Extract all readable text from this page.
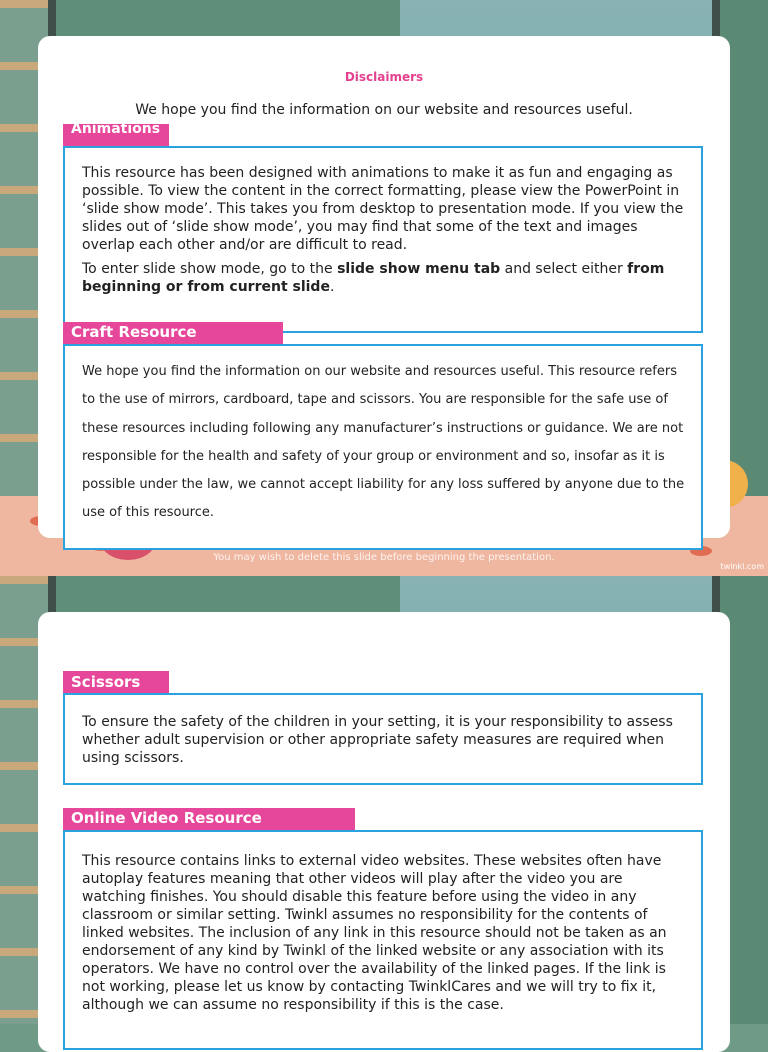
Disclaimers
We hope you find the information on our website and resources useful.
Animations

This resource has been designed with animations to make it as fun and engaging as possible. To view the content in the correct formatting, please view the PowerPoint in ‘slide show mode’. This takes you from desktop to presentation mode. If you view the slides out of ‘slide show mode’, you may find that some of the text and images overlap each other and/or are difficult to read.

To enter slide show mode, go to the slide show menu tab and select either from beginning or from current slide.

Craft Resource

We hope you find the information on our website and resources useful. This resource refers to the use of mirrors, cardboard, tape and scissors. You are responsible for the safe use of these resources including following any manufacturer’s instructions or guidance. We are not responsible for the health and safety of your group or environment and so, insofar as it is possible under the law, we cannot accept liability for any loss suffered by anyone due to the use of this resource.

You may wish to delete this slide before beginning the presentation.
twinkl.com
Scissors

To ensure the safety of the children in your setting, it is your responsibility to assess whether adult supervision or other appropriate safety measures are required when using scissors.

Online Video Resource

This resource contains links to external video websites. These websites often have autoplay features meaning that other videos will play after the video you are watching finishes. You should disable this feature before using the video in any classroom or similar setting. Twinkl assumes no responsibility for the contents of linked websites. The inclusion of any link in this resource should not be taken as an endorsement of any kind by Twinkl of the linked website or any association with its operators. We have no control over the availability of the linked pages. If the link is not working, please let us know by contacting TwinklCares and we will try to fix it, although we can assume no responsibility if this is the case.
